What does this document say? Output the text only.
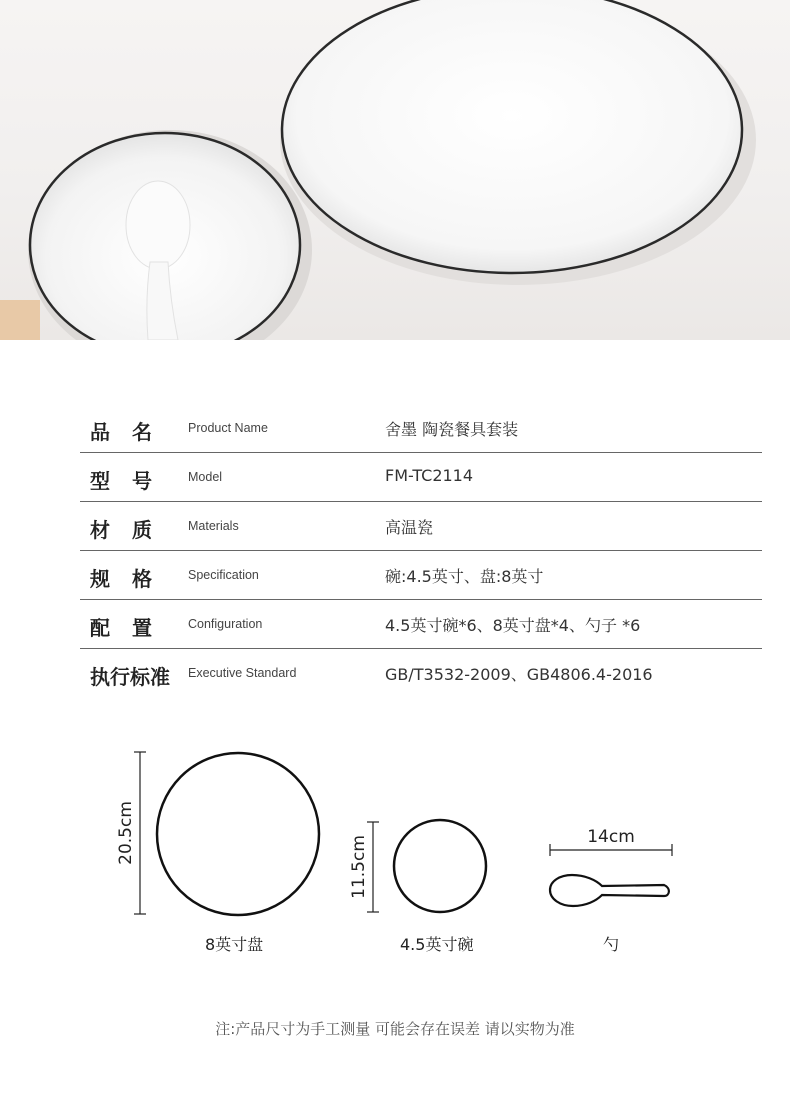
品名 Product Name	舍墨 陶瓷餐具套装
型号 Model	FM-TC2114
材质 Materials	高温瓷
规格 Specification	碗:4.5英寸、盘:8英寸
配置 Configuration	4.5英寸碗*6、8英寸盘*4、勺子 *6
执行标准 Executive Standard	GB/T3532-2009、GB4806.4-2016
20.5cm
11.5cm	14cm
8英寸盘	4.5英寸碗	勺
注:产品尺寸为手工测量 可能会存在误差 请以实物为准
